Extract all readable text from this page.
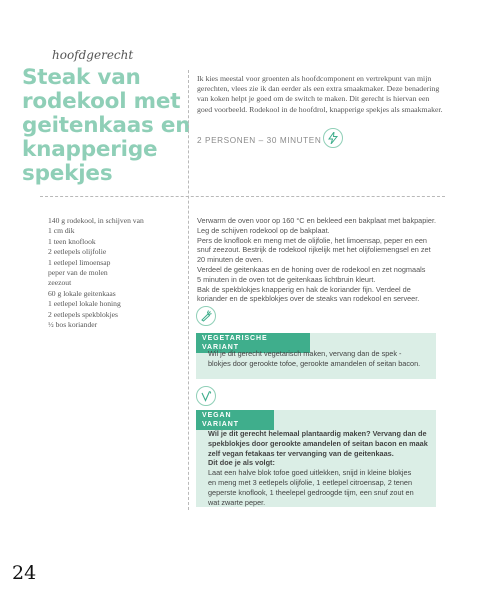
hoofdgerecht
Steak van
rodekool met
geitenkaas en
knapperige
spekjes

Ik kies meestal voor groenten als hoofdcomponent en vertrekpunt van mijn gerechten, vlees zie ik dan eerder als een extra smaakmaker. Deze benadering van koken helpt je goed om de switch te maken. Dit gerecht is hiervan een goed voorbeeld. Rodekool in de hoofdrol, knapperige spekjes als smaakmaker.

2 PERSONEN – 30 MINUTEN
140 g rodekool, in schijven van
1 cm dik
1 teen knoflook
2 eetlepels olijfolie
1 eetlepel limoensap
peper van de molen
zeezout
60 g lokale geitenkaas
1 eetlepel lokale honing
2 eetlepels spekblokjes
½ bos koriander
Verwarm de oven voor op 160 °C en bekleed een bakplaat met bakpapier.
Leg de schijven rodekool op de bakplaat.
Pers de knoflook en meng met de olijfolie, het limoensap, peper en een
snuf zeezout. Bestrijk de rodekool rijkelijk met het olijfoliemengsel en zet
20 minuten de oven.
Verdeel de geitenkaas en de honing over de rodekool en zet nogmaals
5 minuten in de oven tot de geitenkaas lichtbruin kleurt.
Bak de spekblokjes knapperig en hak de koriander fijn. Verdeel de
koriander en de spekblokjes over de steaks van rodekool en serveer.
VEGETARISCHE VARIANT
Wil je dit gerecht vegetarisch maken, vervang dan de spek -
blokjes door gerookte tofoe, gerookte amandelen of seitan bacon.
VEGAN VARIANT
Wil je dit gerecht helemaal plantaardig maken? Vervang dan de
spekblokjes door gerookte amandelen of seitan bacon en maak
zelf vegan fetakaas ter vervanging van de geitenkaas.
Dit doe je als volgt:
Laat een halve blok tofoe goed uitlekken, snijd in kleine blokjes
en meng met 3 eetlepels olijfolie, 1 eetlepel citroensap, 2 tenen
geperste knoflook, 1 theelepel gedroogde tijm, een snuf zout en
wat zwarte peper.
24
